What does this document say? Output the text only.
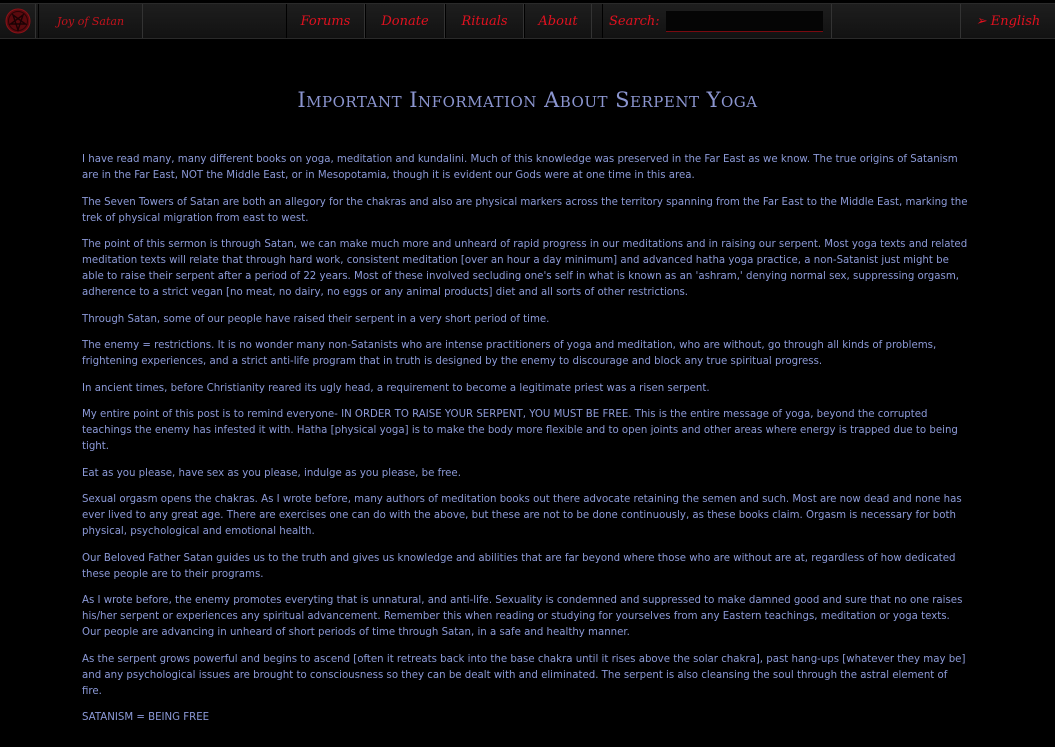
Joy of Satan	Forums Donate	Rituals About Search:	➢ English
Important Information About Serpent Yoga

I have read many, many different books on yoga, meditation and kundalini. Much of this knowledge was preserved in the Far East as we know. The true origins of Satanism are in the Far East, NOT the Middle East, or in Mesopotamia, though it is evident our Gods were at one time in this area.

The Seven Towers of Satan are both an allegory for the chakras and also are physical markers across the territory spanning from the Far East to the Middle East, marking the trek of physical migration from east to west.

The point of this sermon is through Satan, we can make much more and unheard of rapid progress in our meditations and in raising our serpent. Most yoga texts and related meditation texts will relate that through hard work, consistent meditation [over an hour a day minimum] and advanced hatha yoga practice, a non-Satanist just might be able to raise their serpent after a period of 22 years. Most of these involved secluding one's self in what is known as an 'ashram,' denying normal sex, suppressing orgasm, adherence to a strict vegan [no meat, no dairy, no eggs or any animal products] diet and all sorts of other restrictions.

Through Satan, some of our people have raised their serpent in a very short period of time.

The enemy = restrictions. It is no wonder many non-Satanists who are intense practitioners of yoga and meditation, who are without, go through all kinds of problems, frightening experiences, and a strict anti-life program that in truth is designed by the enemy to discourage and block any true spiritual progress.

In ancient times, before Christianity reared its ugly head, a requirement to become a legitimate priest was a risen serpent.

My entire point of this post is to remind everyone- IN ORDER TO RAISE YOUR SERPENT, YOU MUST BE FREE. This is the entire message of yoga, beyond the corrupted teachings the enemy has infested it with. Hatha [physical yoga] is to make the body more flexible and to open joints and other areas where energy is trapped due to being tight.

Eat as you please, have sex as you please, indulge as you please, be free.

Sexual orgasm opens the chakras. As I wrote before, many authors of meditation books out there advocate retaining the semen and such. Most are now dead and none has ever lived to any great age. There are exercises one can do with the above, but these are not to be done continuously, as these books claim. Orgasm is necessary for both physical, psychological and emotional health.

Our Beloved Father Satan guides us to the truth and gives us knowledge and abilities that are far beyond where those who are without are at, regardless of how dedicated these people are to their programs.

As I wrote before, the enemy promotes everyting that is unnatural, and anti-life. Sexuality is condemned and suppressed to make damned good and sure that no one raises his/her serpent or experiences any spiritual advancement. Remember this when reading or studying for yourselves from any Eastern teachings, meditation or yoga texts. Our people are advancing in unheard of short periods of time through Satan, in a safe and healthy manner.

As the serpent grows powerful and begins to ascend [often it retreats back into the base chakra until it rises above the solar chakra], past hang-ups [whatever they may be] and any psychological issues are brought to consciousness so they can be dealt with and eliminated. The serpent is also cleansing the soul through the astral element of fire.

SATANISM = BEING FREE
